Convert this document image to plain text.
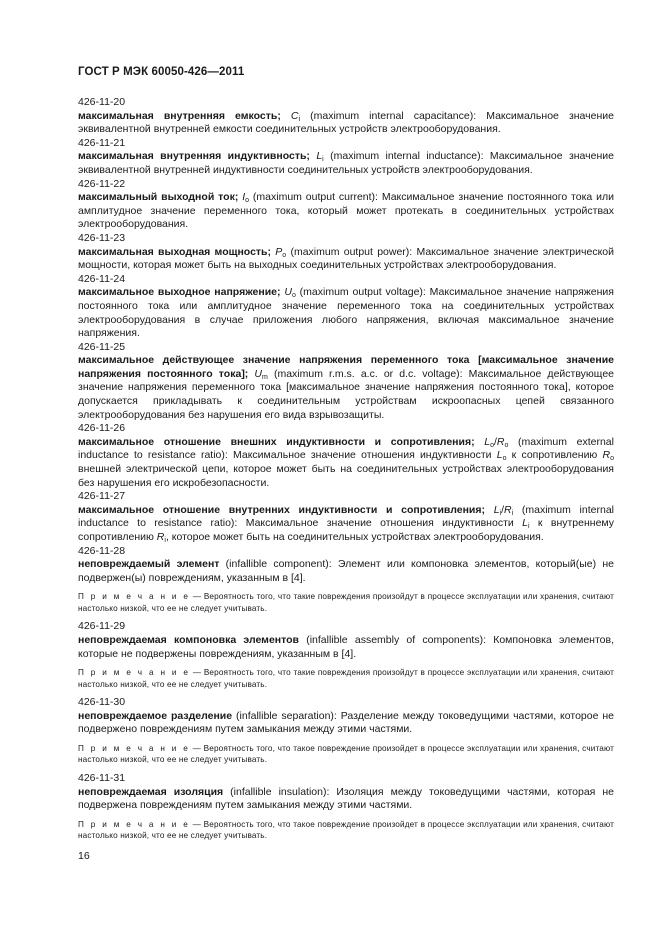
ГОСТ Р МЭК 60050-426—2011

426-11-20

максимальная внутренняя емкость; $C_i$ (maximum internal capacitance): Максимальное значение эквивалентной внутренней емкости соединительных устройств электрооборудования.

426-11-21

максимальная внутренняя индуктивность; $L_i$ (maximum internal inductance): Максимальное значение эквивалентной внутренней индуктивности соединительных устройств электрооборудования.

426-11-22

максимальный выходной ток; $I_o$ (maximum output current): Максимальное значение постоянного тока или амплитудное значение переменного тока, который может протекать в соединительных устройствах электрооборудования.

426-11-23

максимальная выходная мощность; $P_o$ (maximum output power): Максимальное значение электрической мощности, которая может быть на выходных соединительных устройствах электрооборудования.

426-11-24

максимальное выходное напряжение; $U_o$ (maximum output voltage): Максимальное значение напряжения постоянного тока или амплитудное значение переменного тока на соединительных устройствах электрооборудования в случае приложения любого напряжения, включая максимальное значение напряжения.

426-11-25

максимальное действующее значение напряжения переменного тока [максимальное значение напряжения постоянного тока]; $U_m$ (maximum r.m.s. a.c. or d.c. voltage): Максимальное действующее значение напряжения переменного тока [максимальное значение напряжения постоянного тока], которое допускается прикладывать к соединительным устройствам искроопасных цепей связанного электрооборудования без нарушения его вида взрывозащиты.

426-11-26

максимальное отношение внешних индуктивности и сопротивления; $L_o/R_o$ (maximum external inductance to resistance ratio): Максимальное значение отношения индуктивности $L_o$ к сопротивлению $R_o$ внешней электрической цепи, которое может быть на соединительных устройствах электрооборудования без нарушения его искробезопасности.

426-11-27

максимальное отношение внутренних индуктивности и сопротивления; $L_i/R_i$ (maximum internal inductance to resistance ratio): Максимальное значение отношения индуктивности $L_i$ к внутреннему сопротивлению $R_i$, которое может быть на соединительных устройствах электрооборудования.

426-11-28

неповреждаемый элемент (infallible component): Элемент или компоновка элементов, который(ые) не подвержен(ы) повреждениям, указанным в [4].

П р и м е ч а н и е — Вероятность того, что такие повреждения произойдут в процессе эксплуатации или хранения, считают настолько низкой, что ее не следует учитывать.

426-11-29

неповреждаемая компоновка элементов (infallible assembly of components): Компоновка элементов, которые не подвержены повреждениям, указанным в [4].

П р и м е ч а н и е — Вероятность того, что такие повреждения произойдут в процессе эксплуатации или хранения, считают настолько низкой, что ее не следует учитывать.

426-11-30

неповреждаемое разделение (infallible separation): Разделение между токоведущими частями, которое не подвержено повреждениям путем замыкания между этими частями.

П р и м е ч а н и е — Вероятность того, что такое повреждение произойдет в процессе эксплуатации или хранения, считают настолько низкой, что ее не следует учитывать.

426-11-31

неповреждаемая изоляция (infallible insulation): Изоляция между токоведущими частями, которая не подвержена повреждениям путем замыкания между этими частями.

П р и м е ч а н и е — Вероятность того, что такое повреждение произойдет в процессе эксплуатации или хранения, считают настолько низкой, что ее не следует учитывать.

16
